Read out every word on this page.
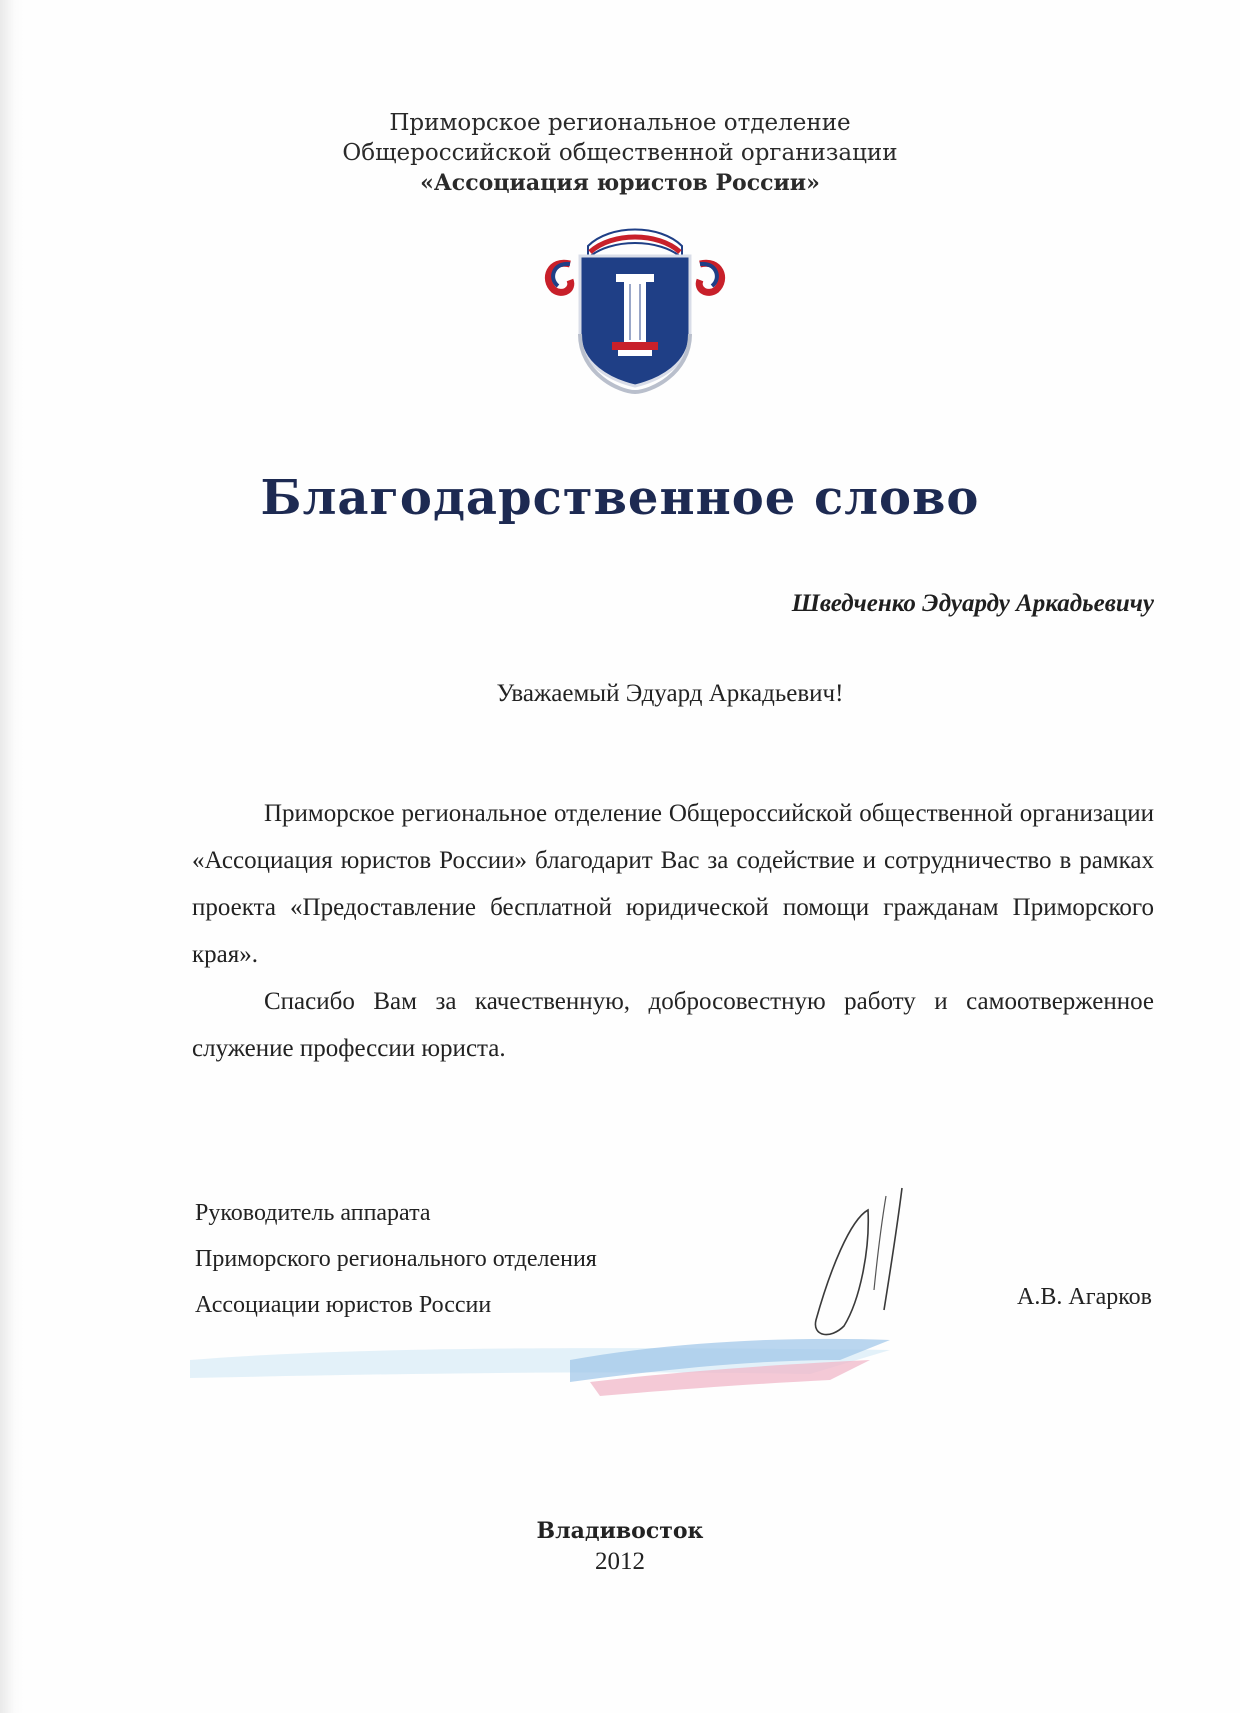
Приморское региональное отделение
Общероссийской общественной организации
«Ассоциация юристов России»
Благодарственное слово
Шведченко Эдуарду Аркадьевичу
Уважаемый Эдуард Аркадьевич!

Приморское региональное отделение Общероссийской общественной организации «Ассоциация юристов России» благодарит Вас за содействие и сотрудничество в рамках проекта «Предоставление бесплатной юридической помощи гражданам Приморского края».

Спасибо Вам за качественную, добросовестную работу и самоотверженное служение профессии юриста.

Руководитель аппарата
Приморского регионального отделения
Ассоциации юристов России	А.В. Агарков
Владивосток
2012
